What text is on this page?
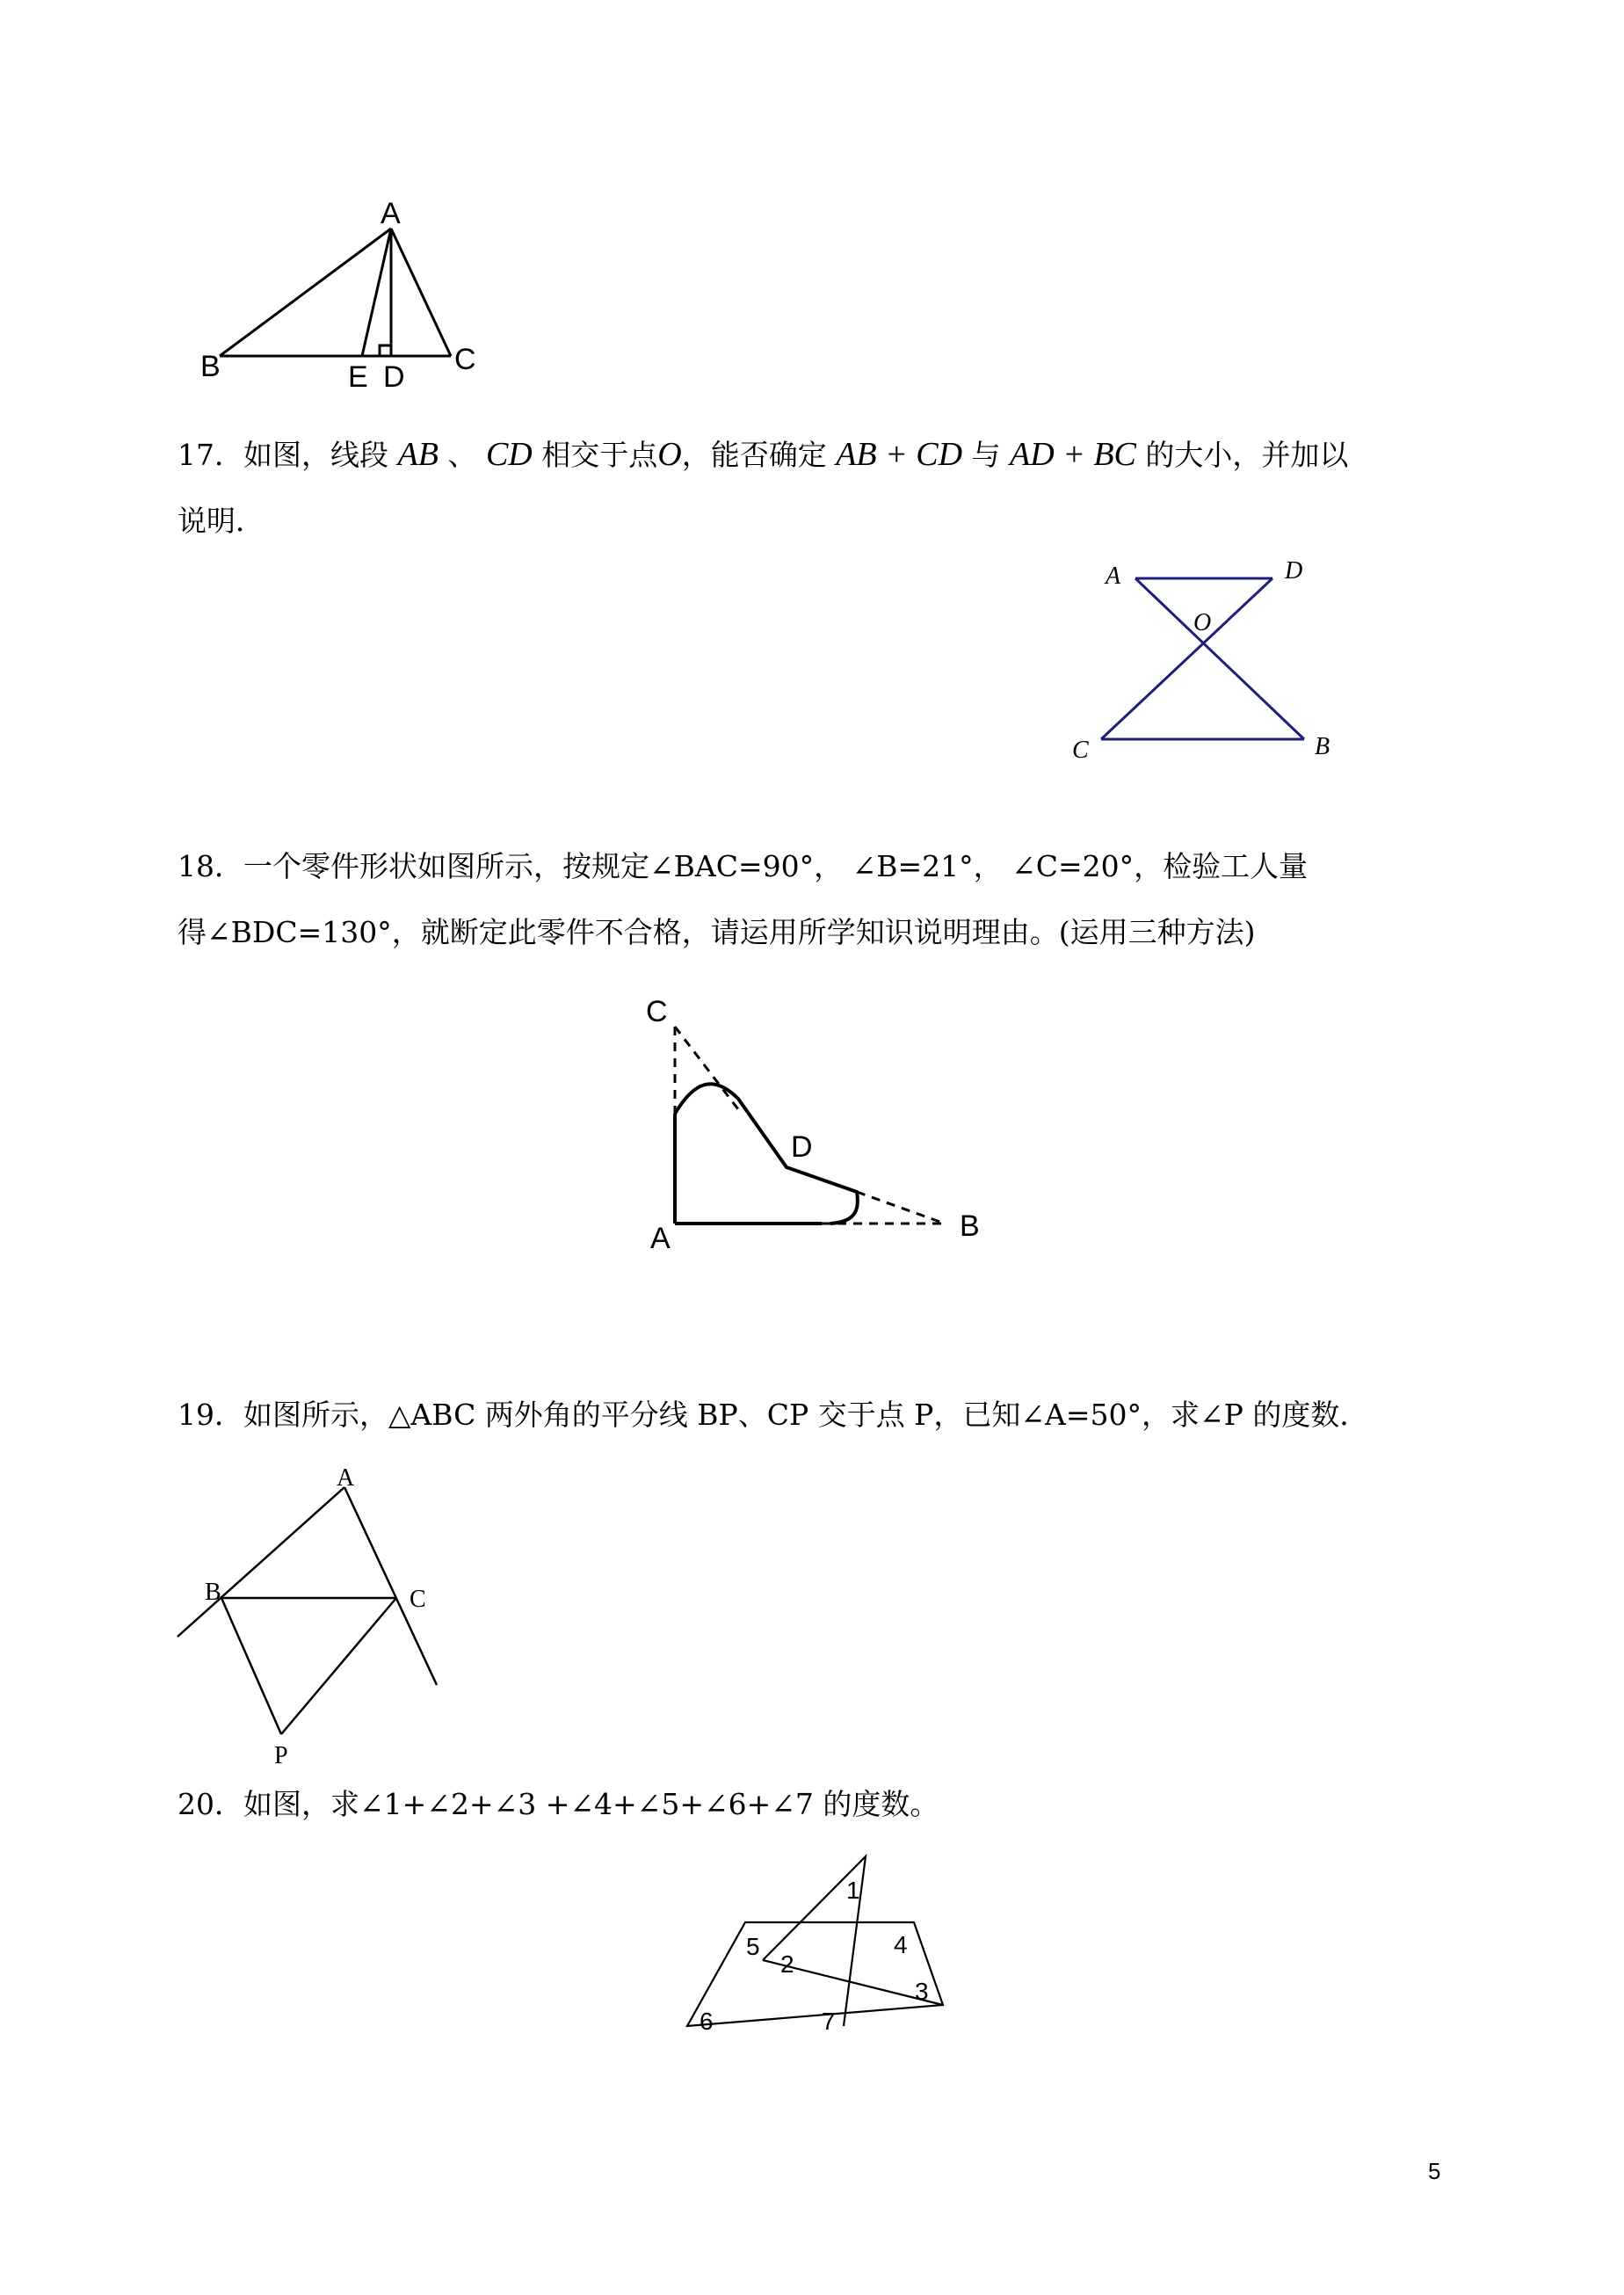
A
B	C
E D
A	D
O
C	B
C
D
A	B
A
B	C
P
1
5
2
4
3
6	7
17．如图，线段 AB 、 CD 相交于点O，能否确定 AB + CD 与 AD + BC 的大小，并加以
说明．
18．一个零件形状如图所示，按规定∠BAC=90°， ∠B=21°， ∠C=20°，检验工人量
得∠BDC=130°，就断定此零件不合格，请运用所学知识说明理由。(运用三种方法)
19．如图所示，△ABC 两外角的平分线 BP、CP 交于点 P，已知∠A=50°，求∠P 的度数．
20．如图，求∠1+∠2+∠3 +∠4+∠5+∠6+∠7 的度数。
5
